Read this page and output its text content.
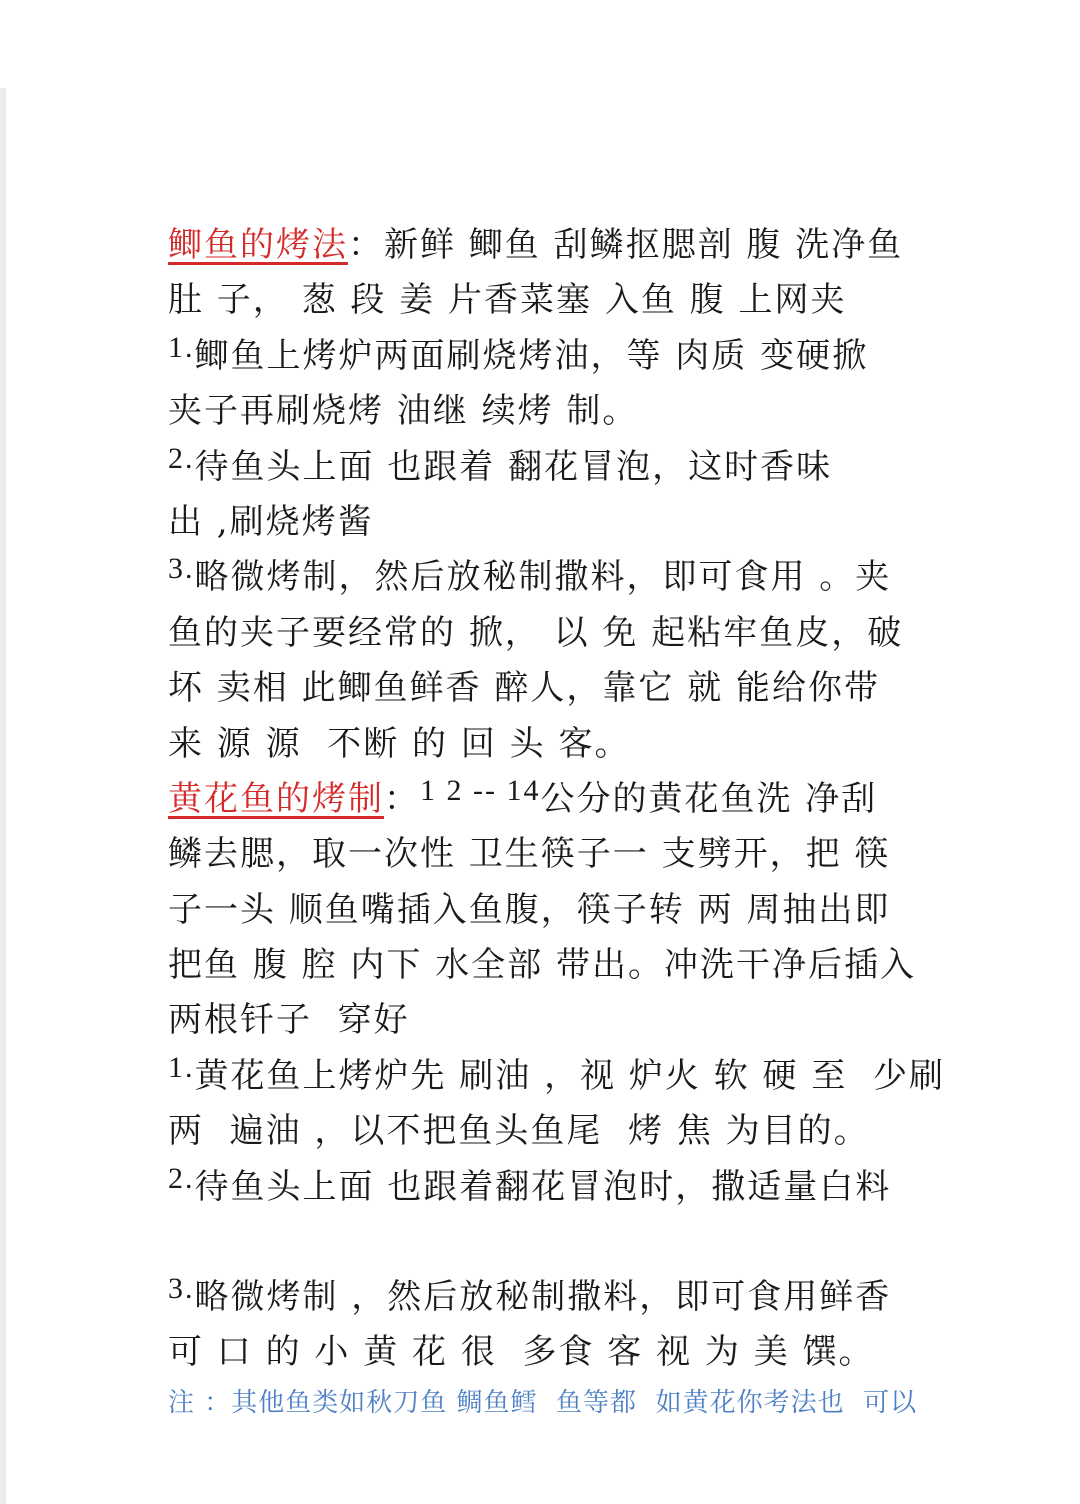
鲫鱼的烤法：新鲜 鲫鱼 刮鳞抠腮剖 腹 洗净鱼
肚 子， 葱 段 姜 片香菜塞 入鱼 腹 上网夹
1.鲫鱼上烤炉两面刷烧烤油，等 肉质 变硬掀
夹子再刷烧烤 油继 续烤 制。
2.待鱼头上面 也跟着 翻花冒泡，这时香味
出 ,刷烧烤酱
3.略微烤制，然后放秘制撒料，即可食用 。夹
鱼的夹子要经常的 掀， 以 免 起粘牢鱼皮，破
坏 卖相 此鲫鱼鲜香 醉人，靠它 就 能给你带
来 源 源  不断 的 回 头 客。
黄花鱼的烤制：1 2 -- 14公分的黄花鱼洗 净刮
鳞去腮，取一次性 卫生筷子一 支劈开，把 筷
子一头 顺鱼嘴插入鱼腹，筷子转 两 周抽出即
把鱼 腹 腔 内下 水全部 带出。冲洗干净后插入
两根钎子  穿好
1.黄花鱼上烤炉先 刷油 ，视 炉火 软 硬 至  少刷
两  遍油 ，以不把鱼头鱼尾  烤 焦 为目的。
2.待鱼头上面 也跟着翻花冒泡时，撒适量白料
3.略微烤制 ，然后放秘制撒料，即可食用鲜香
可 口 的 小 黄 花 很  多食 客 视 为 美 馔。
注 ：其他鱼类如秋刀鱼 鲷鱼鳕  鱼等都  如黄花你考法也  可以
